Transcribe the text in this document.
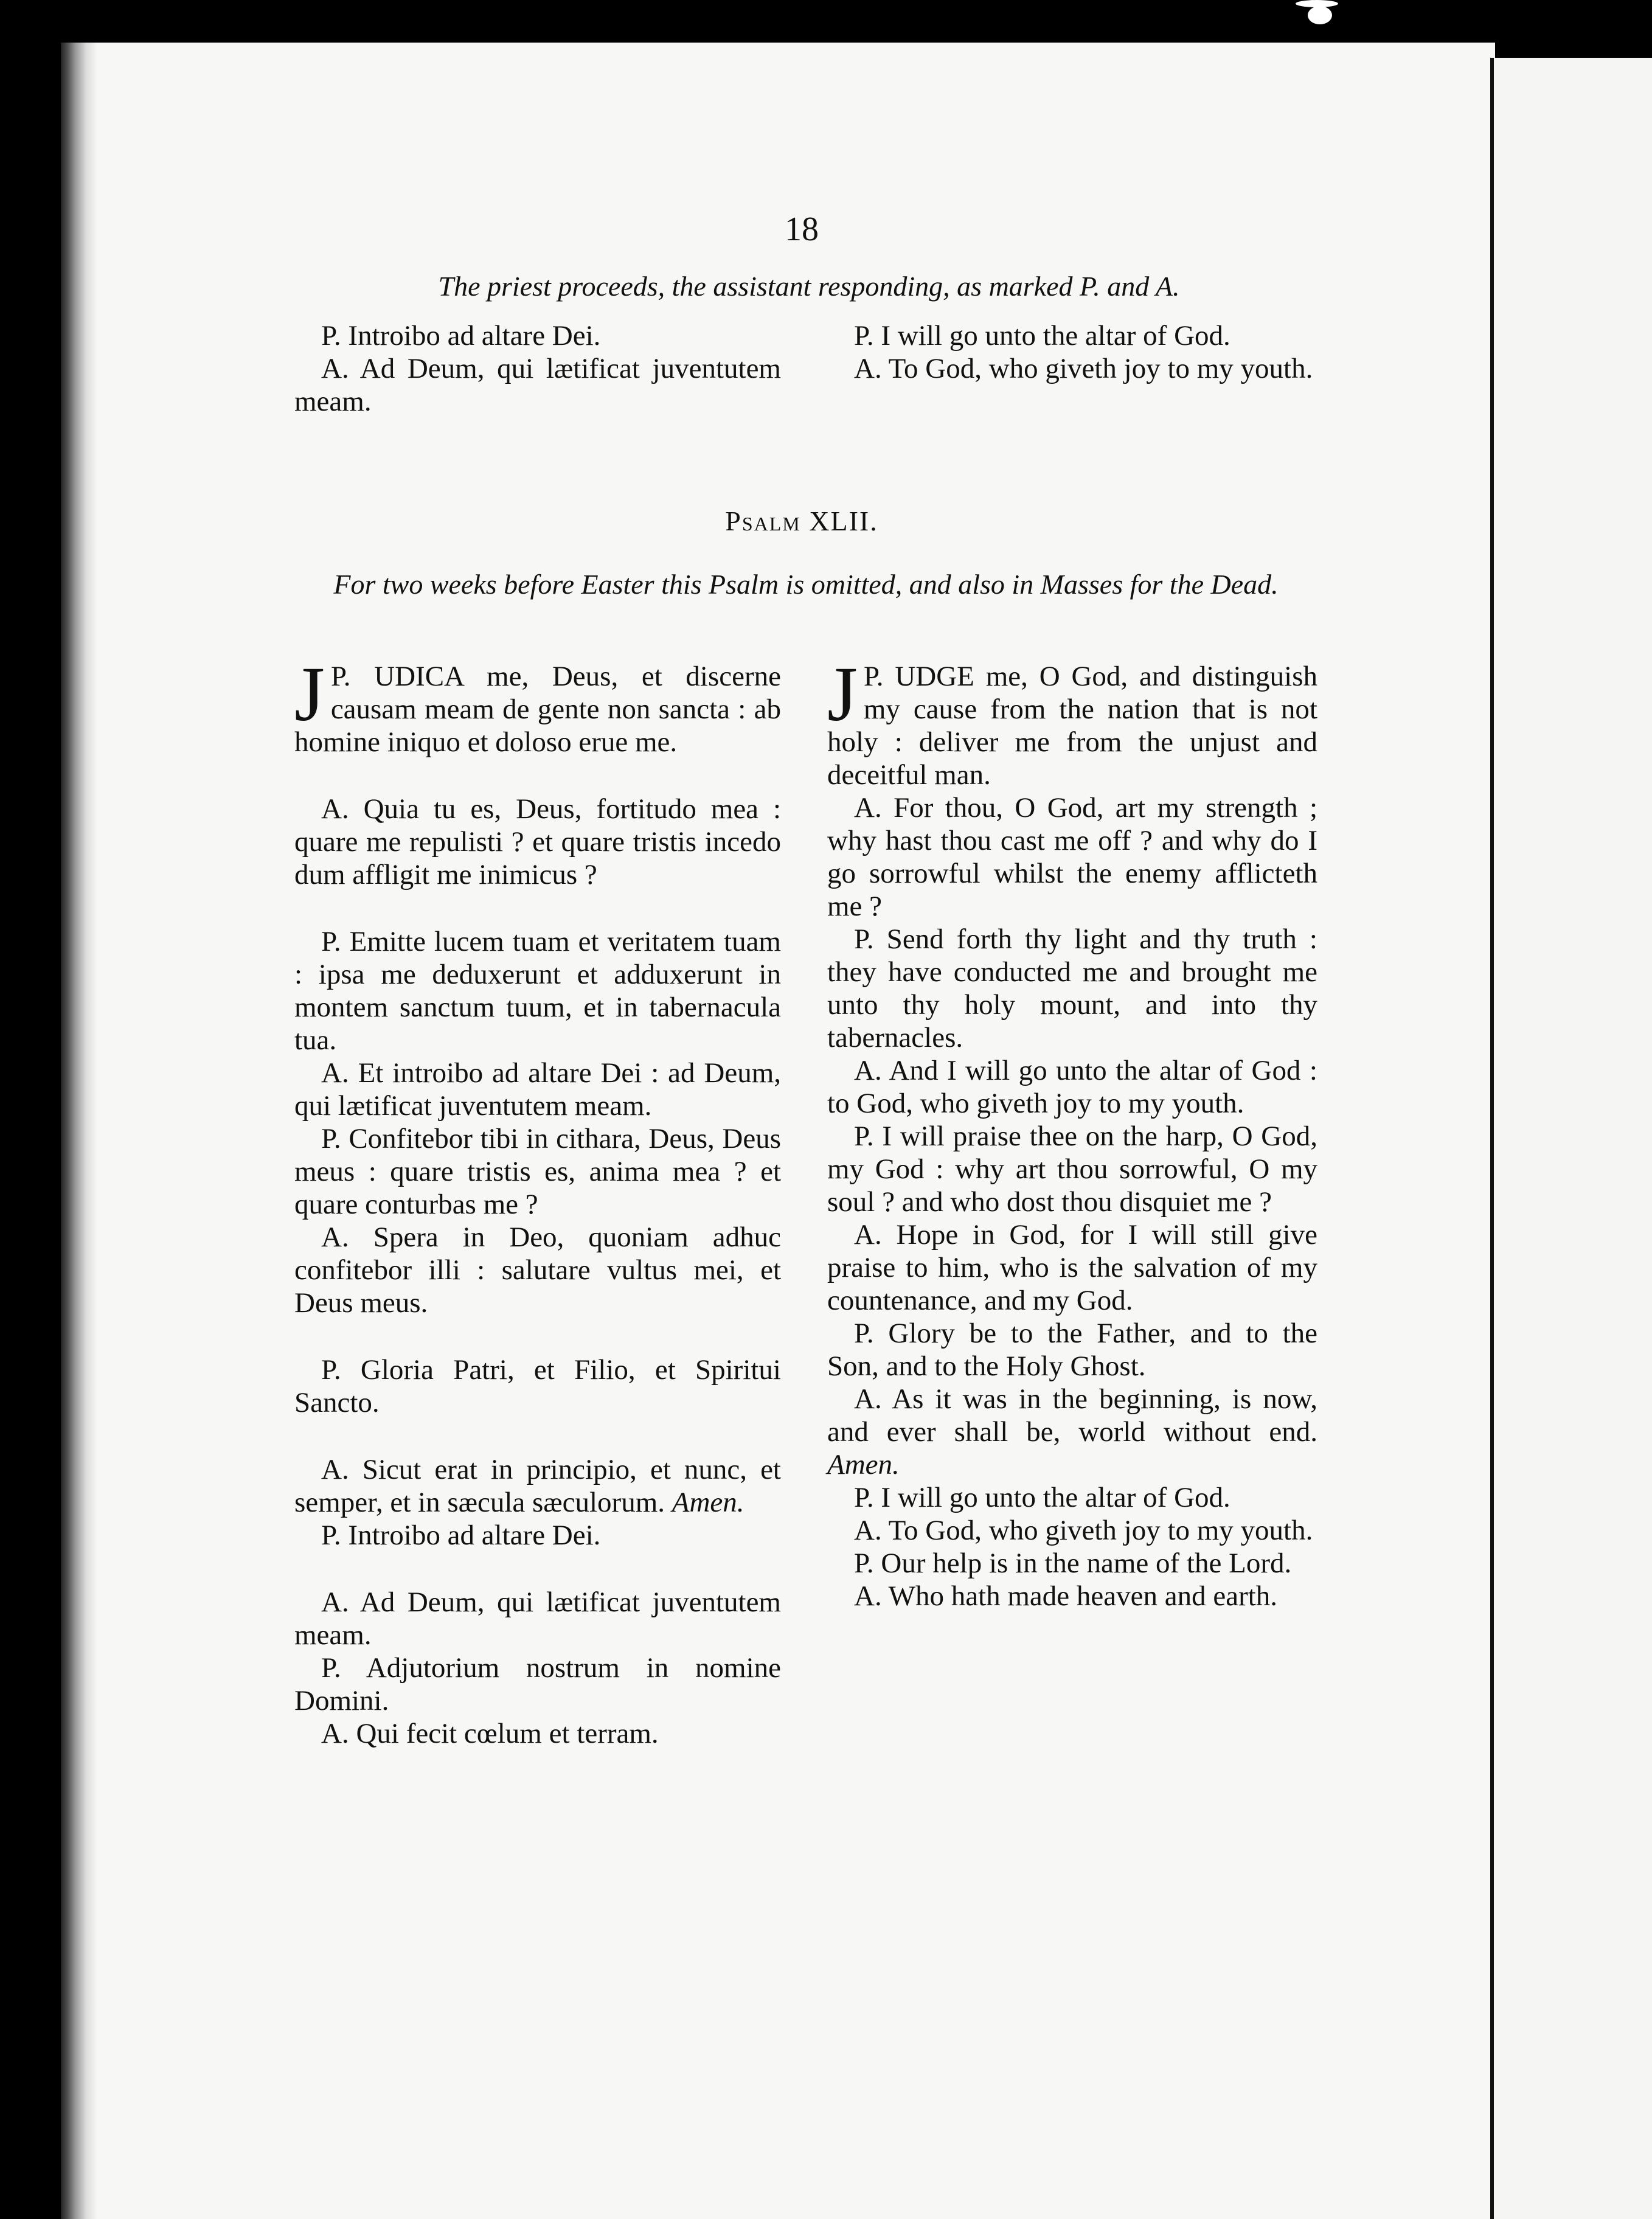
18
The priest proceeds, the assistant responding, as marked P. and A.

P. Introibo ad altare Dei.

A. Ad Deum, qui lætificat juventutem meam.

P. I will go unto the altar of God.

A. To God, who giveth joy to my youth.

Psalm XLII.
For two weeks before Easter this Psalm is omitted, and also in Masses for the Dead.

P.
J UDICA me, Deus, et discerne causam meam de gente non sancta : ab homine iniquo et doloso erue me.

A. Quia tu es, Deus, fortitudo mea : quare me repulisti ? et quare tristis incedo dum affligit me inimicus ?

P. Emitte lucem tuam et veritatem tuam : ipsa me deduxerunt et adduxerunt in montem sanctum tuum, et in tabernacula tua.

A. Et introibo ad altare Dei : ad Deum, qui lætificat juventutem meam.

P. Confitebor tibi in cithara, Deus, Deus meus : quare tristis es, anima mea ? et quare conturbas me ?

A. Spera in Deo, quoniam adhuc confitebor illi : salutare vultus mei, et Deus meus.

P. Gloria Patri, et Filio, et Spiritui Sancto.

A. Sicut erat in principio, et nunc, et semper, et in sæcula sæculorum. Amen.

P. Introibo ad altare Dei.

A. Ad Deum, qui lætificat juventutem meam.

P. Adjutorium nostrum in nomine Domini.

A. Qui fecit cœlum et terram.

P.
J UDGE me, O God, and distinguish my cause from the nation that is not holy : deliver me from the unjust and deceitful man.

A. For thou, O God, art my strength ; why hast thou cast me off ? and why do I go sorrowful whilst the enemy afflicteth me ?

P. Send forth thy light and thy truth : they have conducted me and brought me unto thy holy mount, and into thy tabernacles.

A. And I will go unto the altar of God : to God, who giveth joy to my youth.

P. I will praise thee on the harp, O God, my God : why art thou sorrowful, O my soul ? and who dost thou disquiet me ?

A. Hope in God, for I will still give praise to him, who is the salvation of my countenance, and my God.

P. Glory be to the Father, and to the Son, and to the Holy Ghost.

A. As it was in the beginning, is now, and ever shall be, world without end. Amen.

P. I will go unto the altar of God.

A. To God, who giveth joy to my youth.

P. Our help is in the name of the Lord.

A. Who hath made heaven and earth.
